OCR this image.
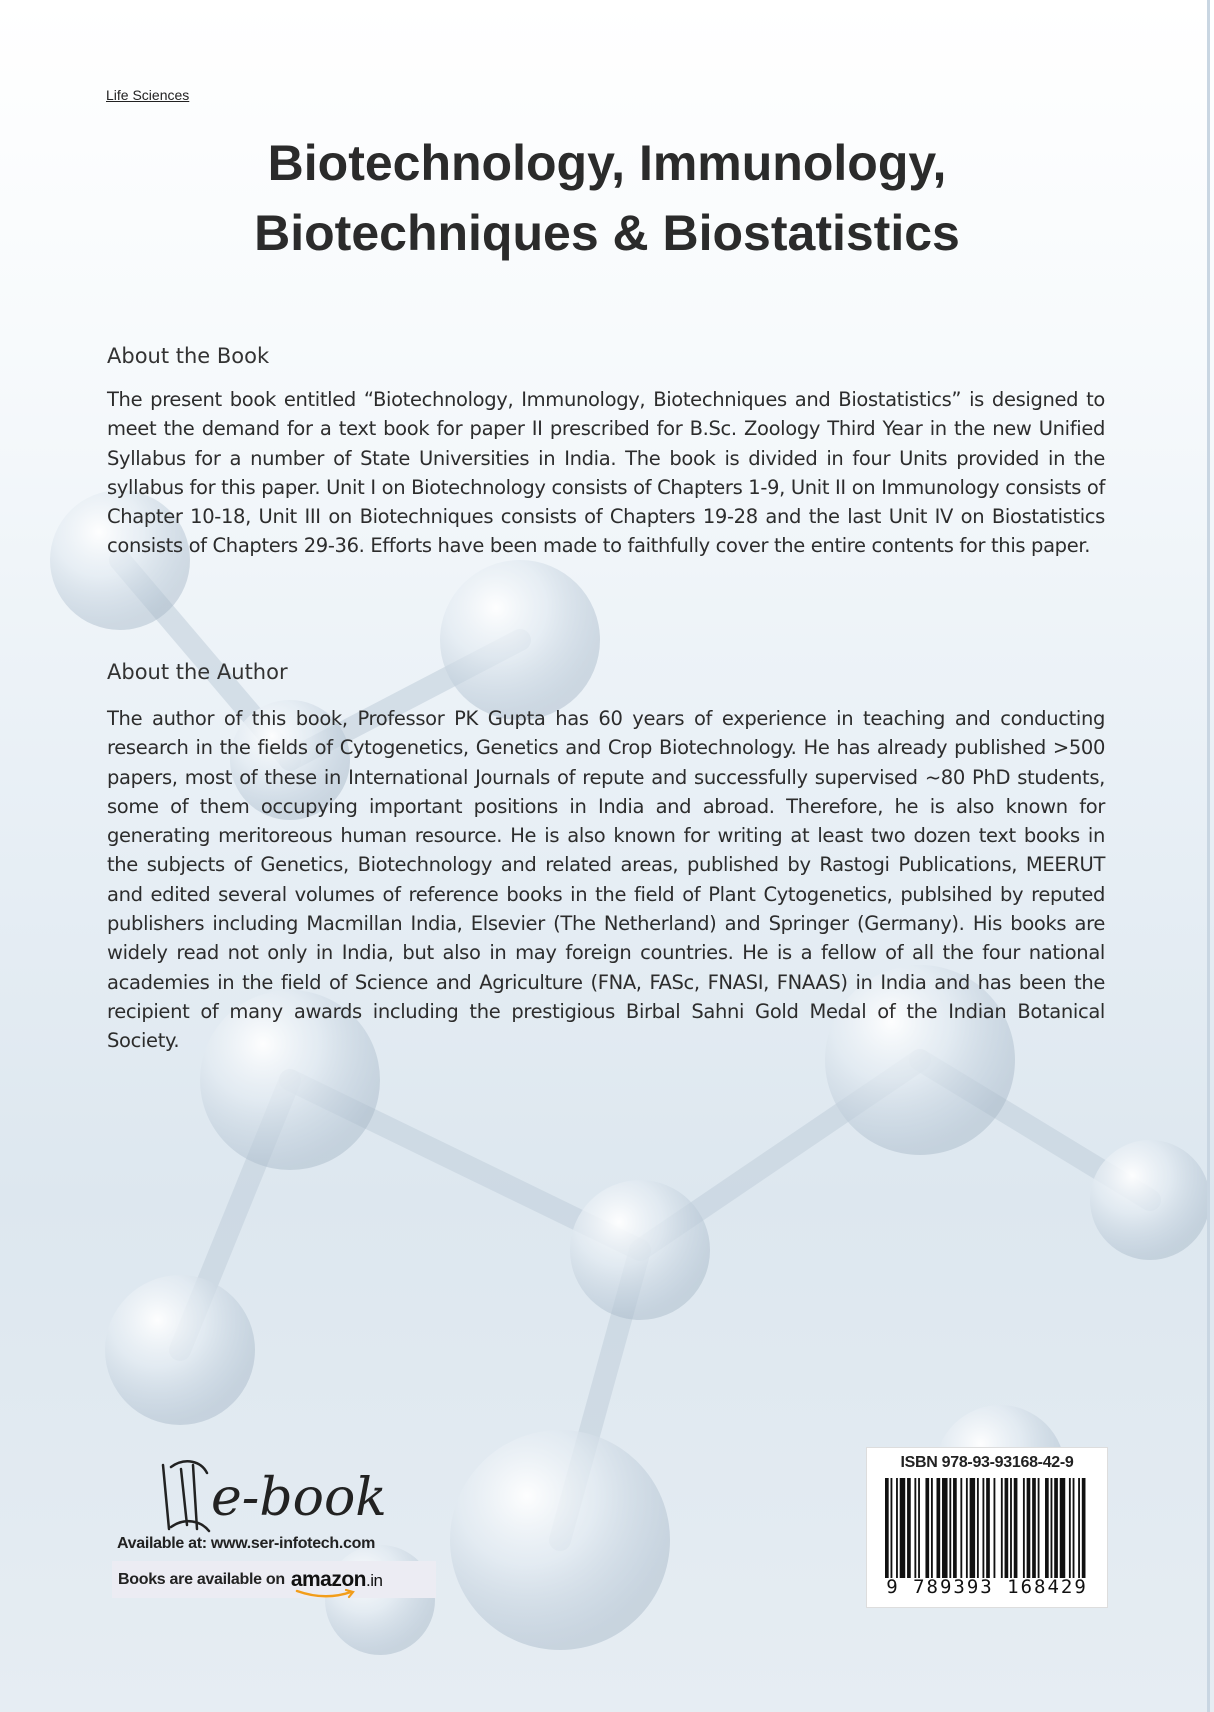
Life Sciences
Biotechnology, Immunology,
Biotechniques & Biostatistics
About the Book
The present book entitled “Biotechnology, Immunology, Biotechniques and Biostatistics” is designed to meet the demand for a text book for paper II prescribed for B.Sc. Zoology Third Year in the new Unified Syllabus for a number of State Universities in India. The book is divided in four Units provided in the syllabus for this paper. Unit I on Biotechnology consists of Chapters 1-9, Unit II on Immunology consists of Chapter 10-18, Unit III on Biotechniques consists of Chapters 19-28 and the last Unit IV on Biostatistics consists of Chapters 29-36. Efforts have been made to faithfully cover the entire contents for this paper.
About the Author
The author of this book, Professor PK Gupta has 60 years of experience in teaching and conducting research in the fields of Cytogenetics, Genetics and Crop Biotechnology. He has already published >500 papers, most of these in International Journals of repute and successfully supervised ~80 PhD students, some of them occupying important positions in India and abroad. Therefore, he is also known for generating meritoreous human resource. He is also known for writing at least two dozen text books in the subjects of Genetics, Biotechnology and related areas, published by Rastogi Publications, MEERUT and edited several volumes of reference books in the field of Plant Cytogenetics, publsihed by reputed publishers including Macmillan India, Elsevier (The Netherland) and Springer (Germany). His books are widely read not only in India, but also in may foreign countries. He is a fellow of all the four national academies in the field of Science and Agriculture (FNA, FASc, FNASI, FNAAS) in India and has been the recipient of many awards including the prestigious Birbal Sahni Gold Medal of the Indian Botanical Society.
e-book
Available at: www.ser-infotech.com
Books are available on amazon.in
ISBN 978-93-93168-42-9
9 789393 168429
